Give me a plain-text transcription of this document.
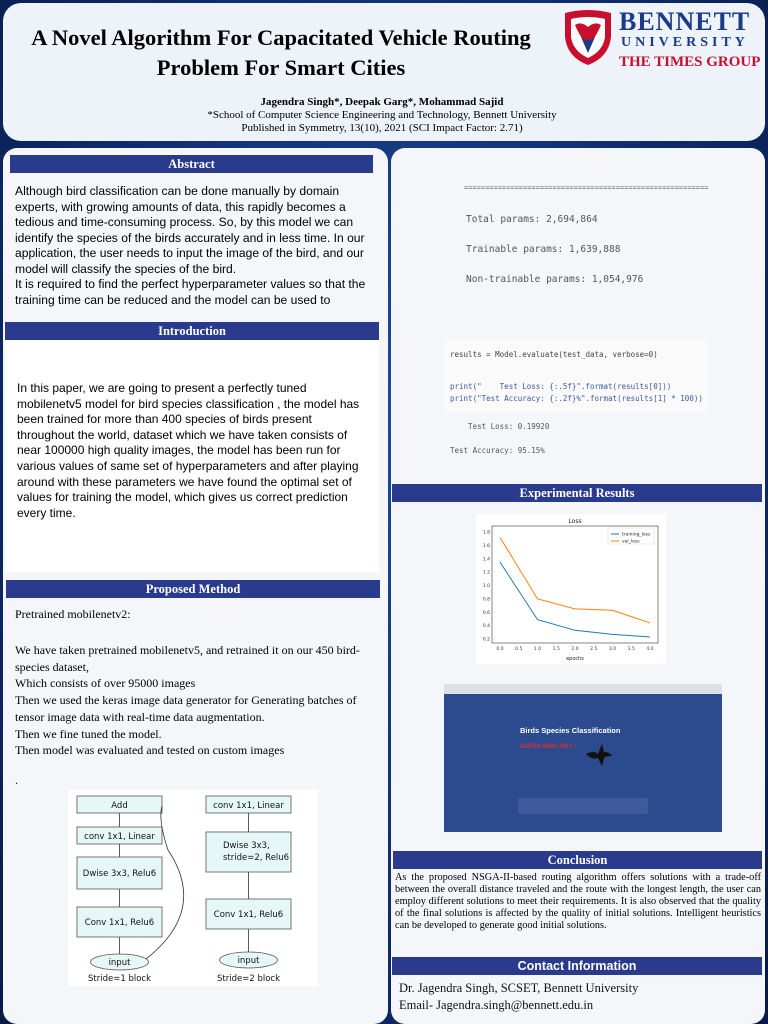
A Novel Algorithm For Capacitated Vehicle Routing Problem For Smart Cities
Jagendra Singh*, Deepak Garg*, Mohammad Sajid
*School of Computer Science Engineering and Technology, Bennett University
Published in Symmetry, 13(10), 2021 (SCI Impact Factor: 2.71)
BENNETT
UNIVERSITY
THE TIMES GROUP
Abstract
Although bird classification can be done manually by domain experts, with growing amounts of data, this rapidly becomes a tedious and time-consuming process. So, by this model we can identify the species of the birds accurately and in less time. In our application, the user needs to input the image of the bird, and our model will classify the species of the bird.
It is required to find the perfect hyperparameter values so that the training time can be reduced and the model can be used to
Introduction
In this paper, we are going to present a perfectly tuned mobilenetv5 model for bird species classification , the model has been trained for more than 400 species of birds present throughout the world, dataset which we have taken consists of near 100000 high quality images, the model has been run for various values of same set of hyperparameters and after playing around with these parameters we have found the optimal set of values for training the model, which gives us correct prediction every time.
Proposed Method
Pretrained mobilenetv2:
We have taken pretrained mobilenetv5, and retrained it on our 450 bird- species dataset,
Which consists of over 95000 images
Then we used the keras image data generator for Generating batches of tensor image data with real-time data augmentation.
Then we fine tuned the model.
Then model was evaluated and tested on custom images
.
Add
conv 1x1, Linear
Dwise 3x3, Relu6
Conv 1x1, Relu6
input
Stride=1 block
conv 1x1, Linear
Dwise 3x3,
stride=2, Relu6
Conv 1x1, Relu6
input
Stride=2 block
==========================================================
Total params: 2,694,864
Trainable params: 1,639,888
Non-trainable params: 1,054,976
results = Model.evaluate(test_data, verbose=0)
print("    Test Loss: {:.5f}".format(results[0]))
print("Test Accuracy: {:.2f}%".format(results[1] * 100))
Test Loss: 0.19920
Test Accuracy: 95.15%
Experimental Results
Loss
0.2
0.4
0.6
0.8
1.0
1.2
1.4
1.6
1.8
0.0	0.5	1.0	1.5	2.0	2.5	3.0	3.5	4.0
training_loss
val_loss
epochs
Birds Species Classification
GUESS WHO AM I ?
Conclusion
As the proposed NSGA-II-based routing algorithm offers solutions with a trade-off between the overall distance traveled and the route with the longest length, the user can employ different solutions to meet their requirements. It is also observed that the quality of the final solutions is affected by the quality of initial solutions. Intelligent heuristics can be developed to generate good initial solutions.
Contact Information
Dr. Jagendra Singh, SCSET, Bennett University
Email- Jagendra.singh@bennett.edu.in
